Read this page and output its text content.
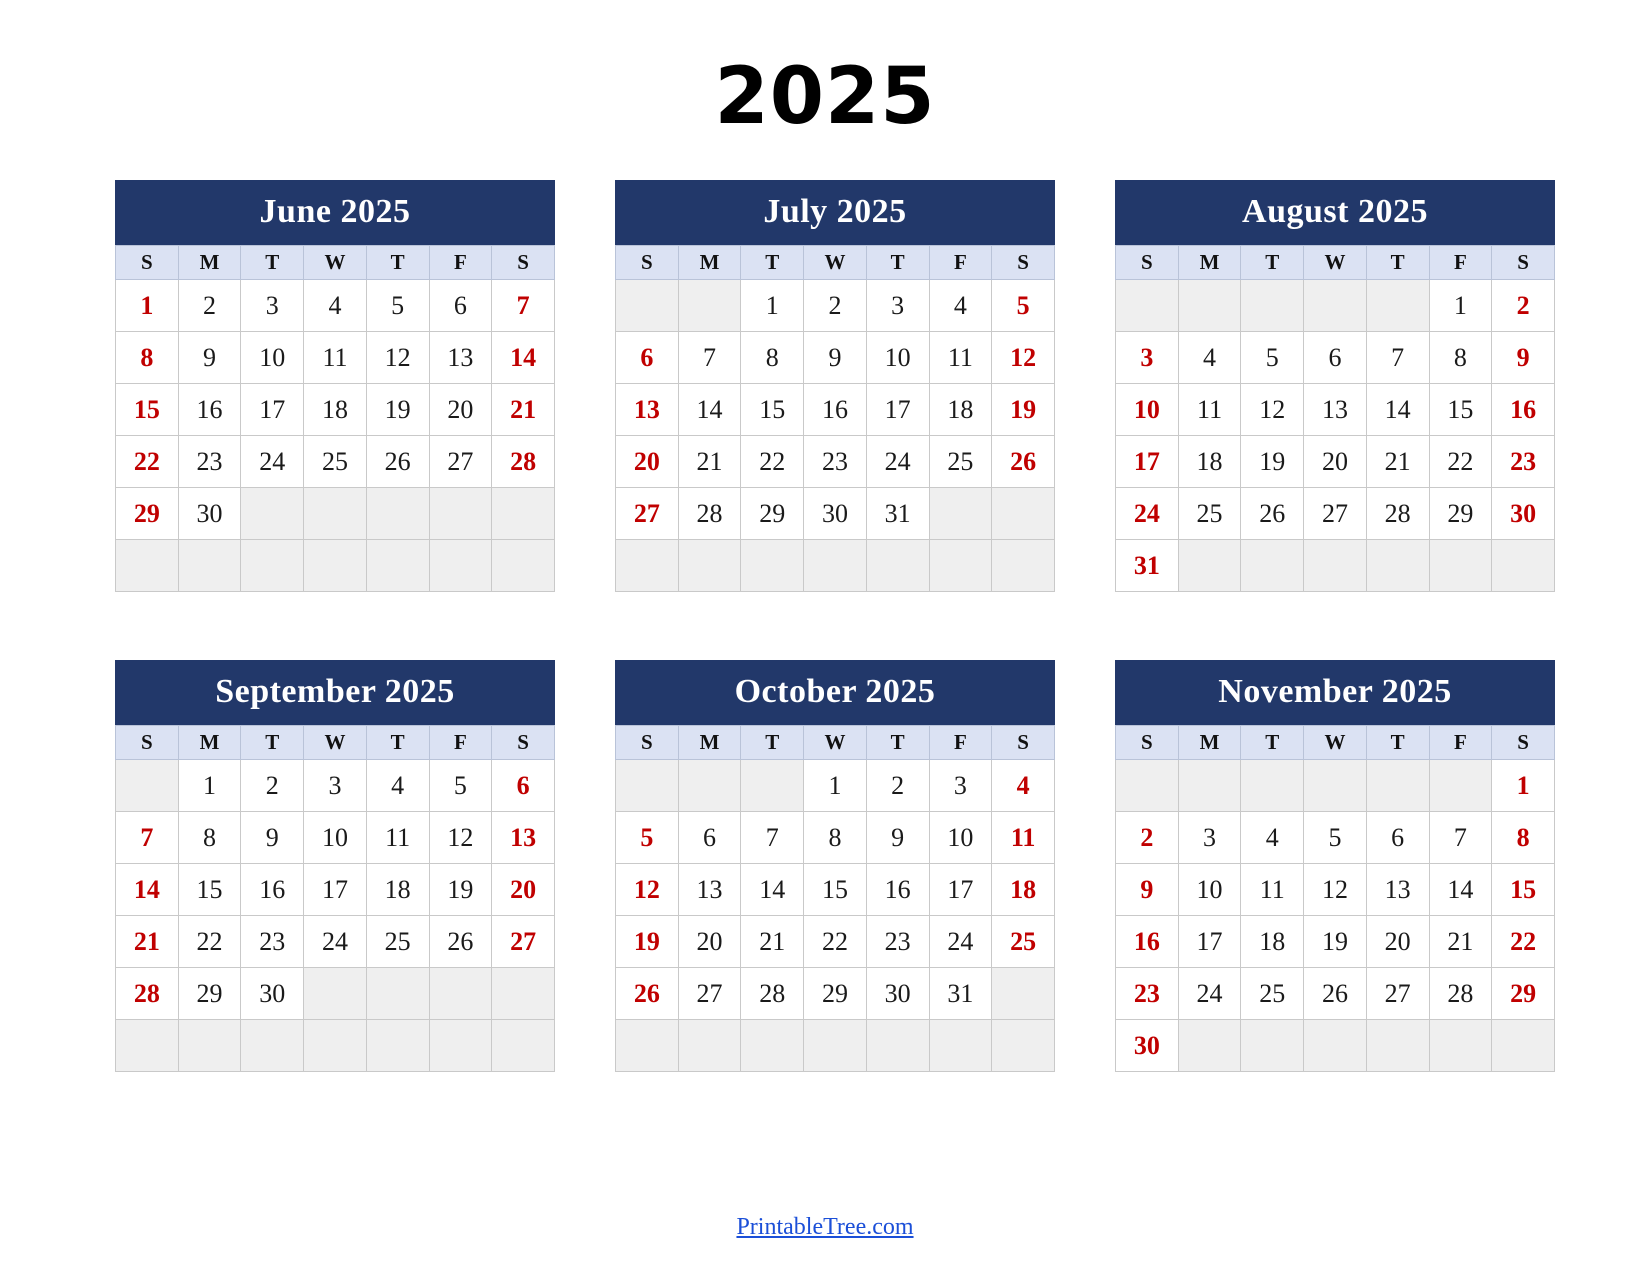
2025
June 2025
S	M	T	W	T	F	S
1	2	3	4	5	6	7
8	9	10	11	12	13	14
15	16	17	18	19	20	21
22	23	24	25	26	27	28
29	30					

July 2025
S	M	T	W	T	F	S
		1	2	3	4	5
6	7	8	9	10	11	12
13	14	15	16	17	18	19
20	21	22	23	24	25	26
27	28	29	30	31		

August 2025
S	M	T	W	T	F	S
					1	2
3	4	5	6	7	8	9
10	11	12	13	14	15	16
17	18	19	20	21	22	23
24	25	26	27	28	29	30
31						
September 2025
S	M	T	W	T	F	S
	1	2	3	4	5	6
7	8	9	10	11	12	13
14	15	16	17	18	19	20
21	22	23	24	25	26	27
28	29	30				

October 2025
S	M	T	W	T	F	S
			1	2	3	4
5	6	7	8	9	10	11
12	13	14	15	16	17	18
19	20	21	22	23	24	25
26	27	28	29	30	31	

November 2025
S	M	T	W	T	F	S
						1
2	3	4	5	6	7	8
9	10	11	12	13	14	15
16	17	18	19	20	21	22
23	24	25	26	27	28	29
30						
PrintableTree.com
